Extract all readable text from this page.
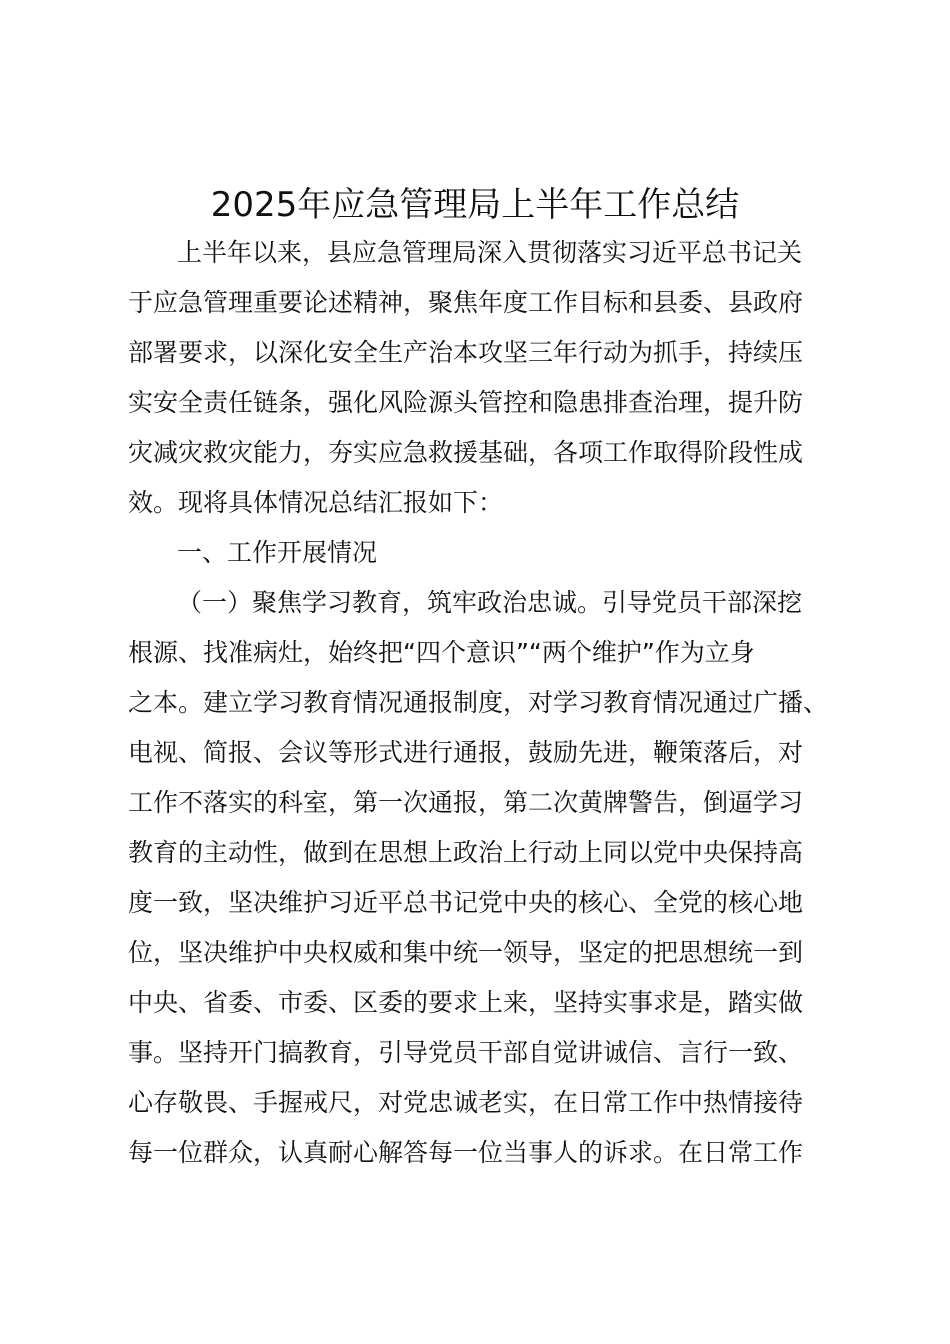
2025年应急管理局上半年工作总结
上半年以来，县应急管理局深入贯彻落实习近平总书记关
于应急管理重要论述精神，聚焦年度工作目标和县委、县政府
部署要求，以深化安全生产治本攻坚三年行动为抓手，持续压
实安全责任链条，强化风险源头管控和隐患排查治理，提升防
灾减灾救灾能力，夯实应急救援基础，各项工作取得阶段性成
效。现将具体情况总结汇报如下：
一、工作开展情况
（一）聚焦学习教育，筑牢政治忠诚。引导党员干部深挖
根源、找准病灶，始终把“四个意识”“两个维护”作为立身
之本。建立学习教育情况通报制度，对学习教育情况通过广播、
电视、简报、会议等形式进行通报，鼓励先进，鞭策落后，对
工作不落实的科室，第一次通报，第二次黄牌警告，倒逼学习
教育的主动性，做到在思想上政治上行动上同以党中央保持高
度一致，坚决维护习近平总书记党中央的核心、全党的核心地
位，坚决维护中央权威和集中统一领导，坚定的把思想统一到
中央、省委、市委、区委的要求上来，坚持实事求是，踏实做
事。坚持开门搞教育，引导党员干部自觉讲诚信、言行一致、
心存敬畏、手握戒尺，对党忠诚老实，在日常工作中热情接待
每一位群众，认真耐心解答每一位当事人的诉求。在日常工作
